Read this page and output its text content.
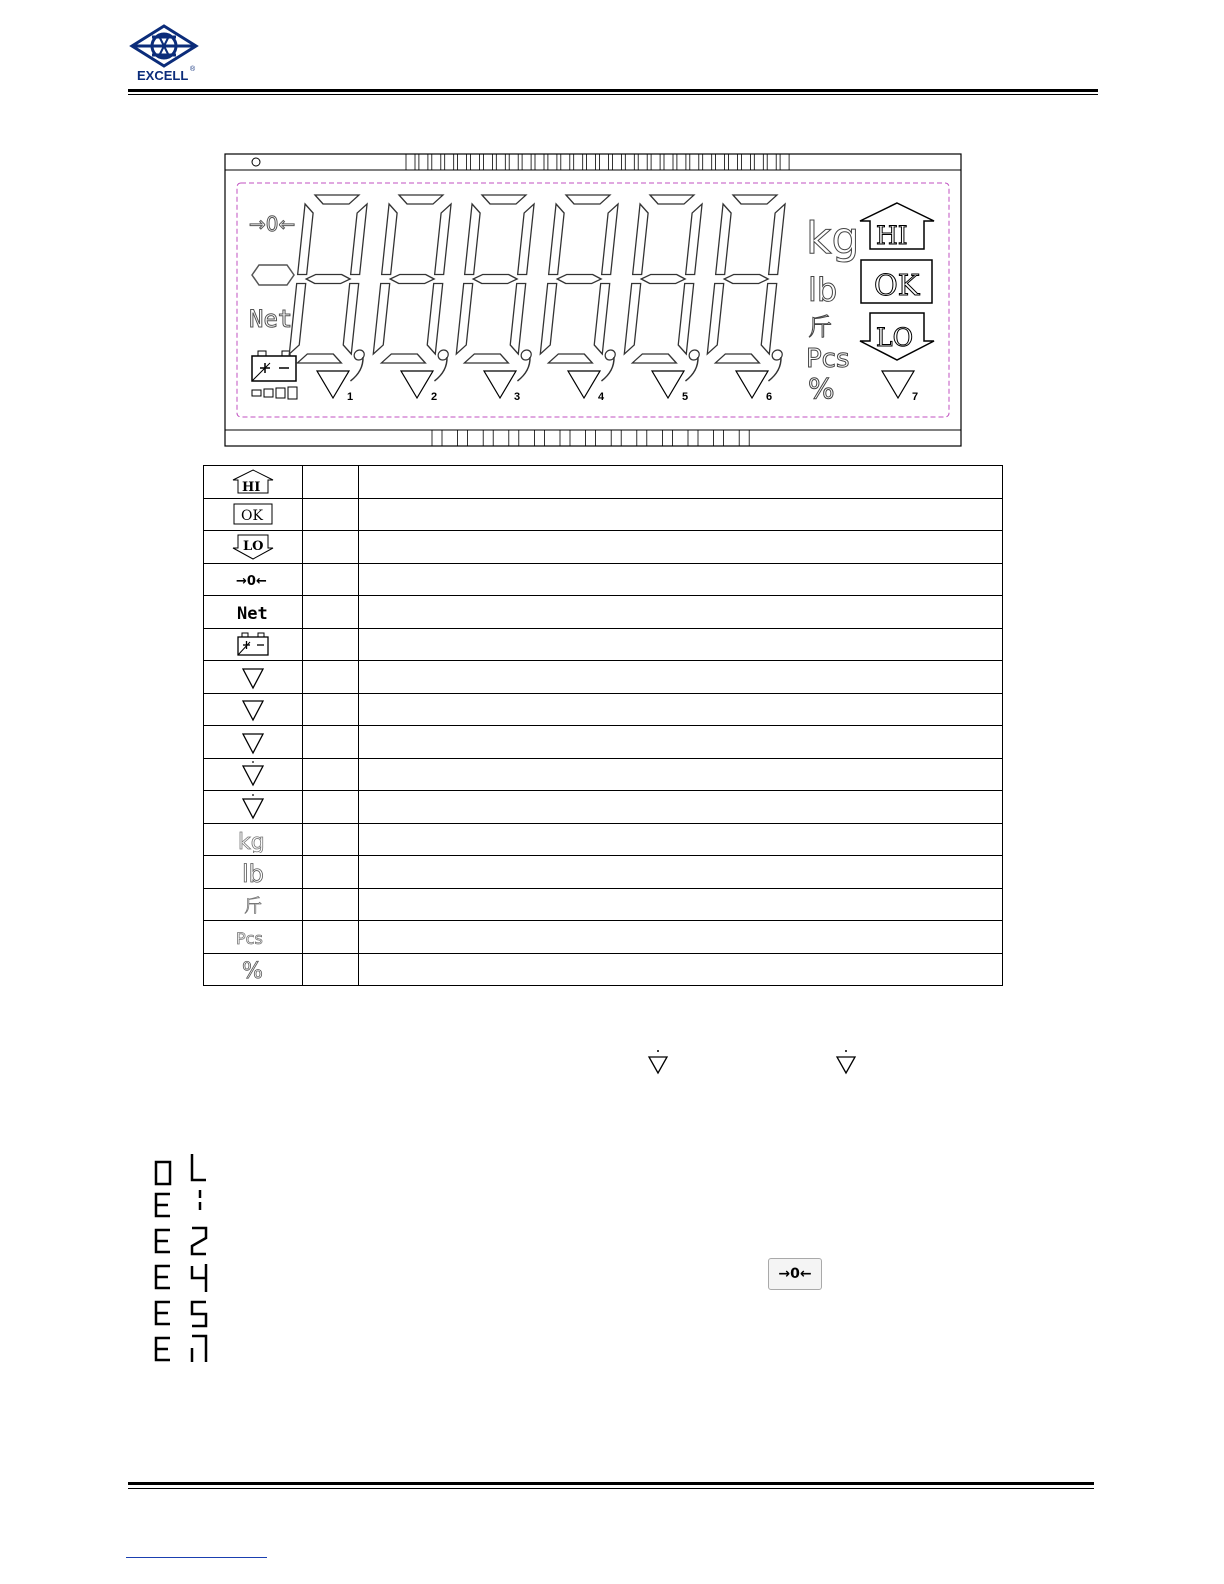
EXCELL ®
→0←
Net
1	2	3	4	5	6	7
kg
lb
斤
Pcs
%
HI
OK
LO
HI		

OK		

LO		

→0←		

Net		

kg		

lb		

斤		

Pcs		

%		

→0←
